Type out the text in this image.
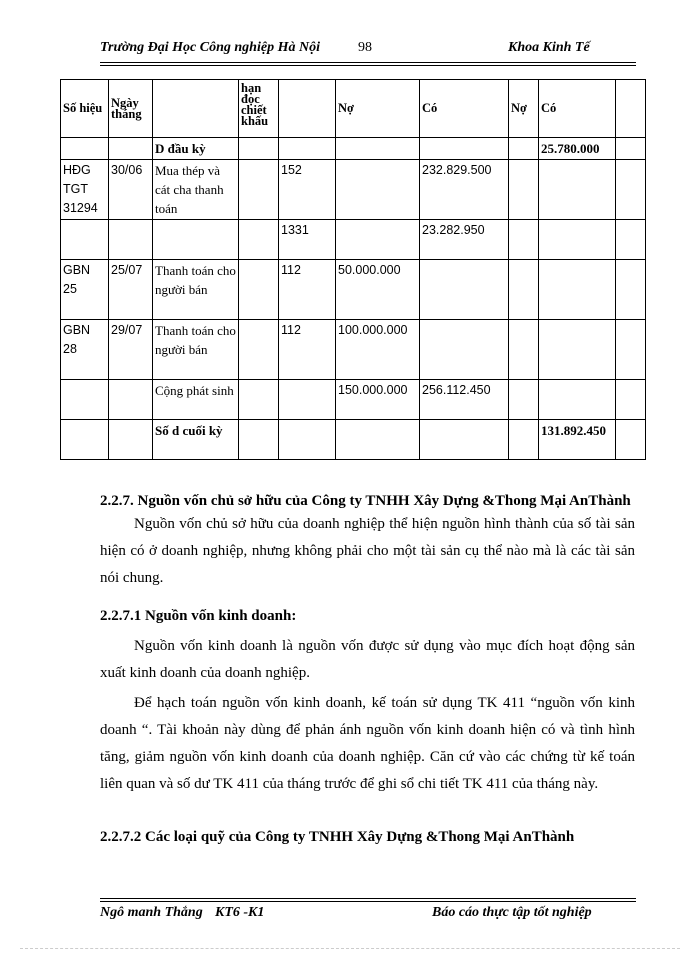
Trường Đại Học Công nghiệp Hà Nội	98	Khoa Kinh Tế
Số hiệu	Ngày tháng		hạn đọc chiết khấu		Nợ	Có	Nợ	Có	
		D đầu kỳ						25.780.000	
HĐG TGT 31294	30/06	Mua thép và cát cha thanh toán		152		232.829.500			
				1331		23.282.950			
GBN 25	25/07	Thanh toán cho người bán		112	50.000.000				
GBN 28	29/07	Thanh toán cho người bán		112	100.000.000				
		Cộng phát sinh			150.000.000	256.112.450			
		Số d cuối kỳ						131.892.450	
2.2.7. Nguồn vốn chủ sở hữu của Công ty TNHH Xây Dựng &Thong Mại AnThành
Nguồn vốn chủ sở hữu của doanh nghiệp thể hiện nguồn hình thành của số tài sản hiện có ở doanh nghiệp, nhưng không phải cho một tài sản cụ thể nào mà là các tài sản nói chung.
2.2.7.1 Nguồn vốn kinh doanh:
Nguồn vốn kinh doanh là nguồn vốn được sử dụng vào mục đích hoạt động sản xuất kinh doanh của doanh nghiệp.
Để hạch toán nguồn vốn kinh doanh, kế toán sử dụng TK 411 “nguồn vốn kinh doanh “. Tài khoản này dùng để phản ánh nguồn vốn kinh doanh hiện có và tình hình tăng, giảm nguồn vốn kinh doanh của doanh nghiệp. Căn cứ vào các chứng từ kế toán liên quan và số dư TK 411 của tháng trước để ghi sổ chi tiết TK 411 của tháng này.
2.2.7.2 Các loại quỹ của Công ty TNHH Xây Dựng &Thong Mại AnThành
Ngô manh Thắng KT6 -K1	Báo cáo thực tập tốt nghiệp
